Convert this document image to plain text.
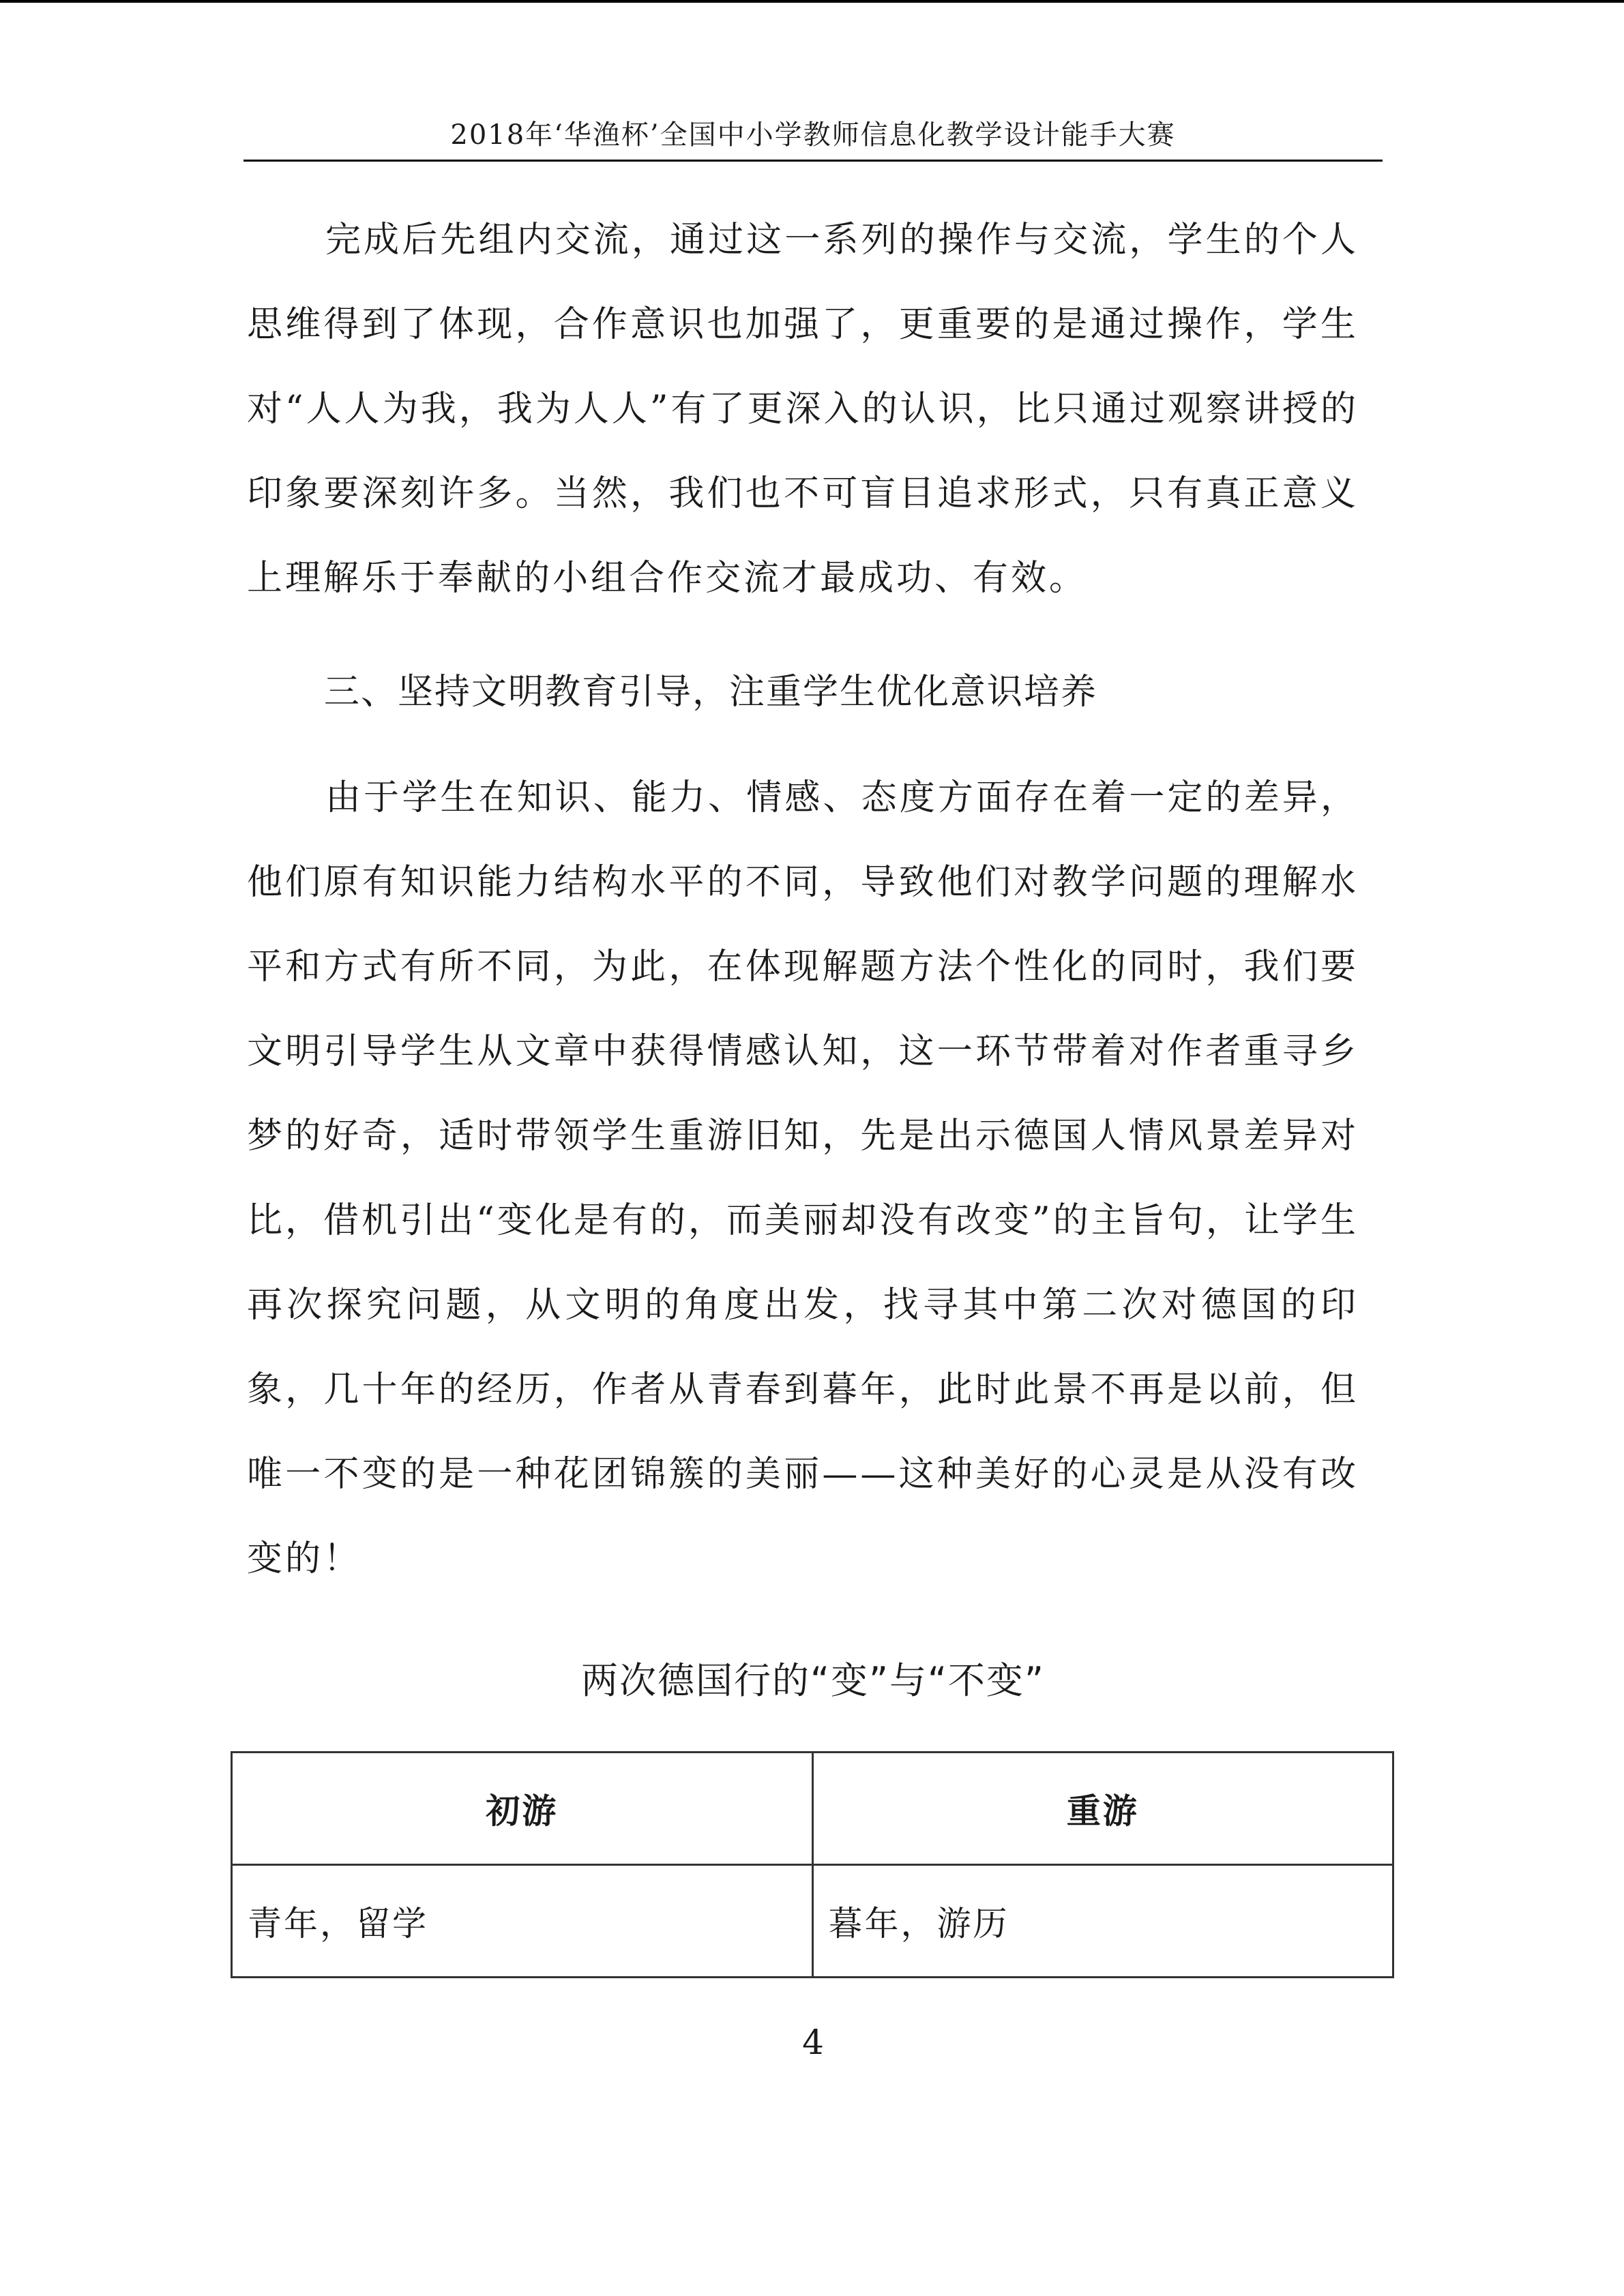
2018年‘华渔杯’全国中小学教师信息化教学设计能手大赛

完成后先组内交流，通过这一系列的操作与交流，学生的个人思维得到了体现，合作意识也加强了，更重要的是通过操作，学生对“人人为我，我为人人”有了更深入的认识，比只通过观察讲授的印象要深刻许多。当然，我们也不可盲目追求形式，只有真正意义上理解乐于奉献的小组合作交流才最成功、有效。

三、坚持文明教育引导，注重学生优化意识培养

由于学生在知识、能力、情感、态度方面存在着一定的差异，他们原有知识能力结构水平的不同，导致他们对教学问题的理解水平和方式有所不同，为此，在体现解题方法个性化的同时，我们要文明引导学生从文章中获得情感认知，这一环节带着对作者重寻乡梦的好奇，适时带领学生重游旧知，先是出示德国人情风景差异对比，借机引出“变化是有的，而美丽却没有改变”的主旨句，让学生再次探究问题，从文明的角度出发，找寻其中第二次对德国的印象，几十年的经历，作者从青春到暮年，此时此景不再是以前，但唯一不变的是一种花团锦簇的美丽——这种美好的心灵是从没有改变的！

两次德国行的“变”与“不变”
初游	重游
青年，留学	暮年，游历
4
